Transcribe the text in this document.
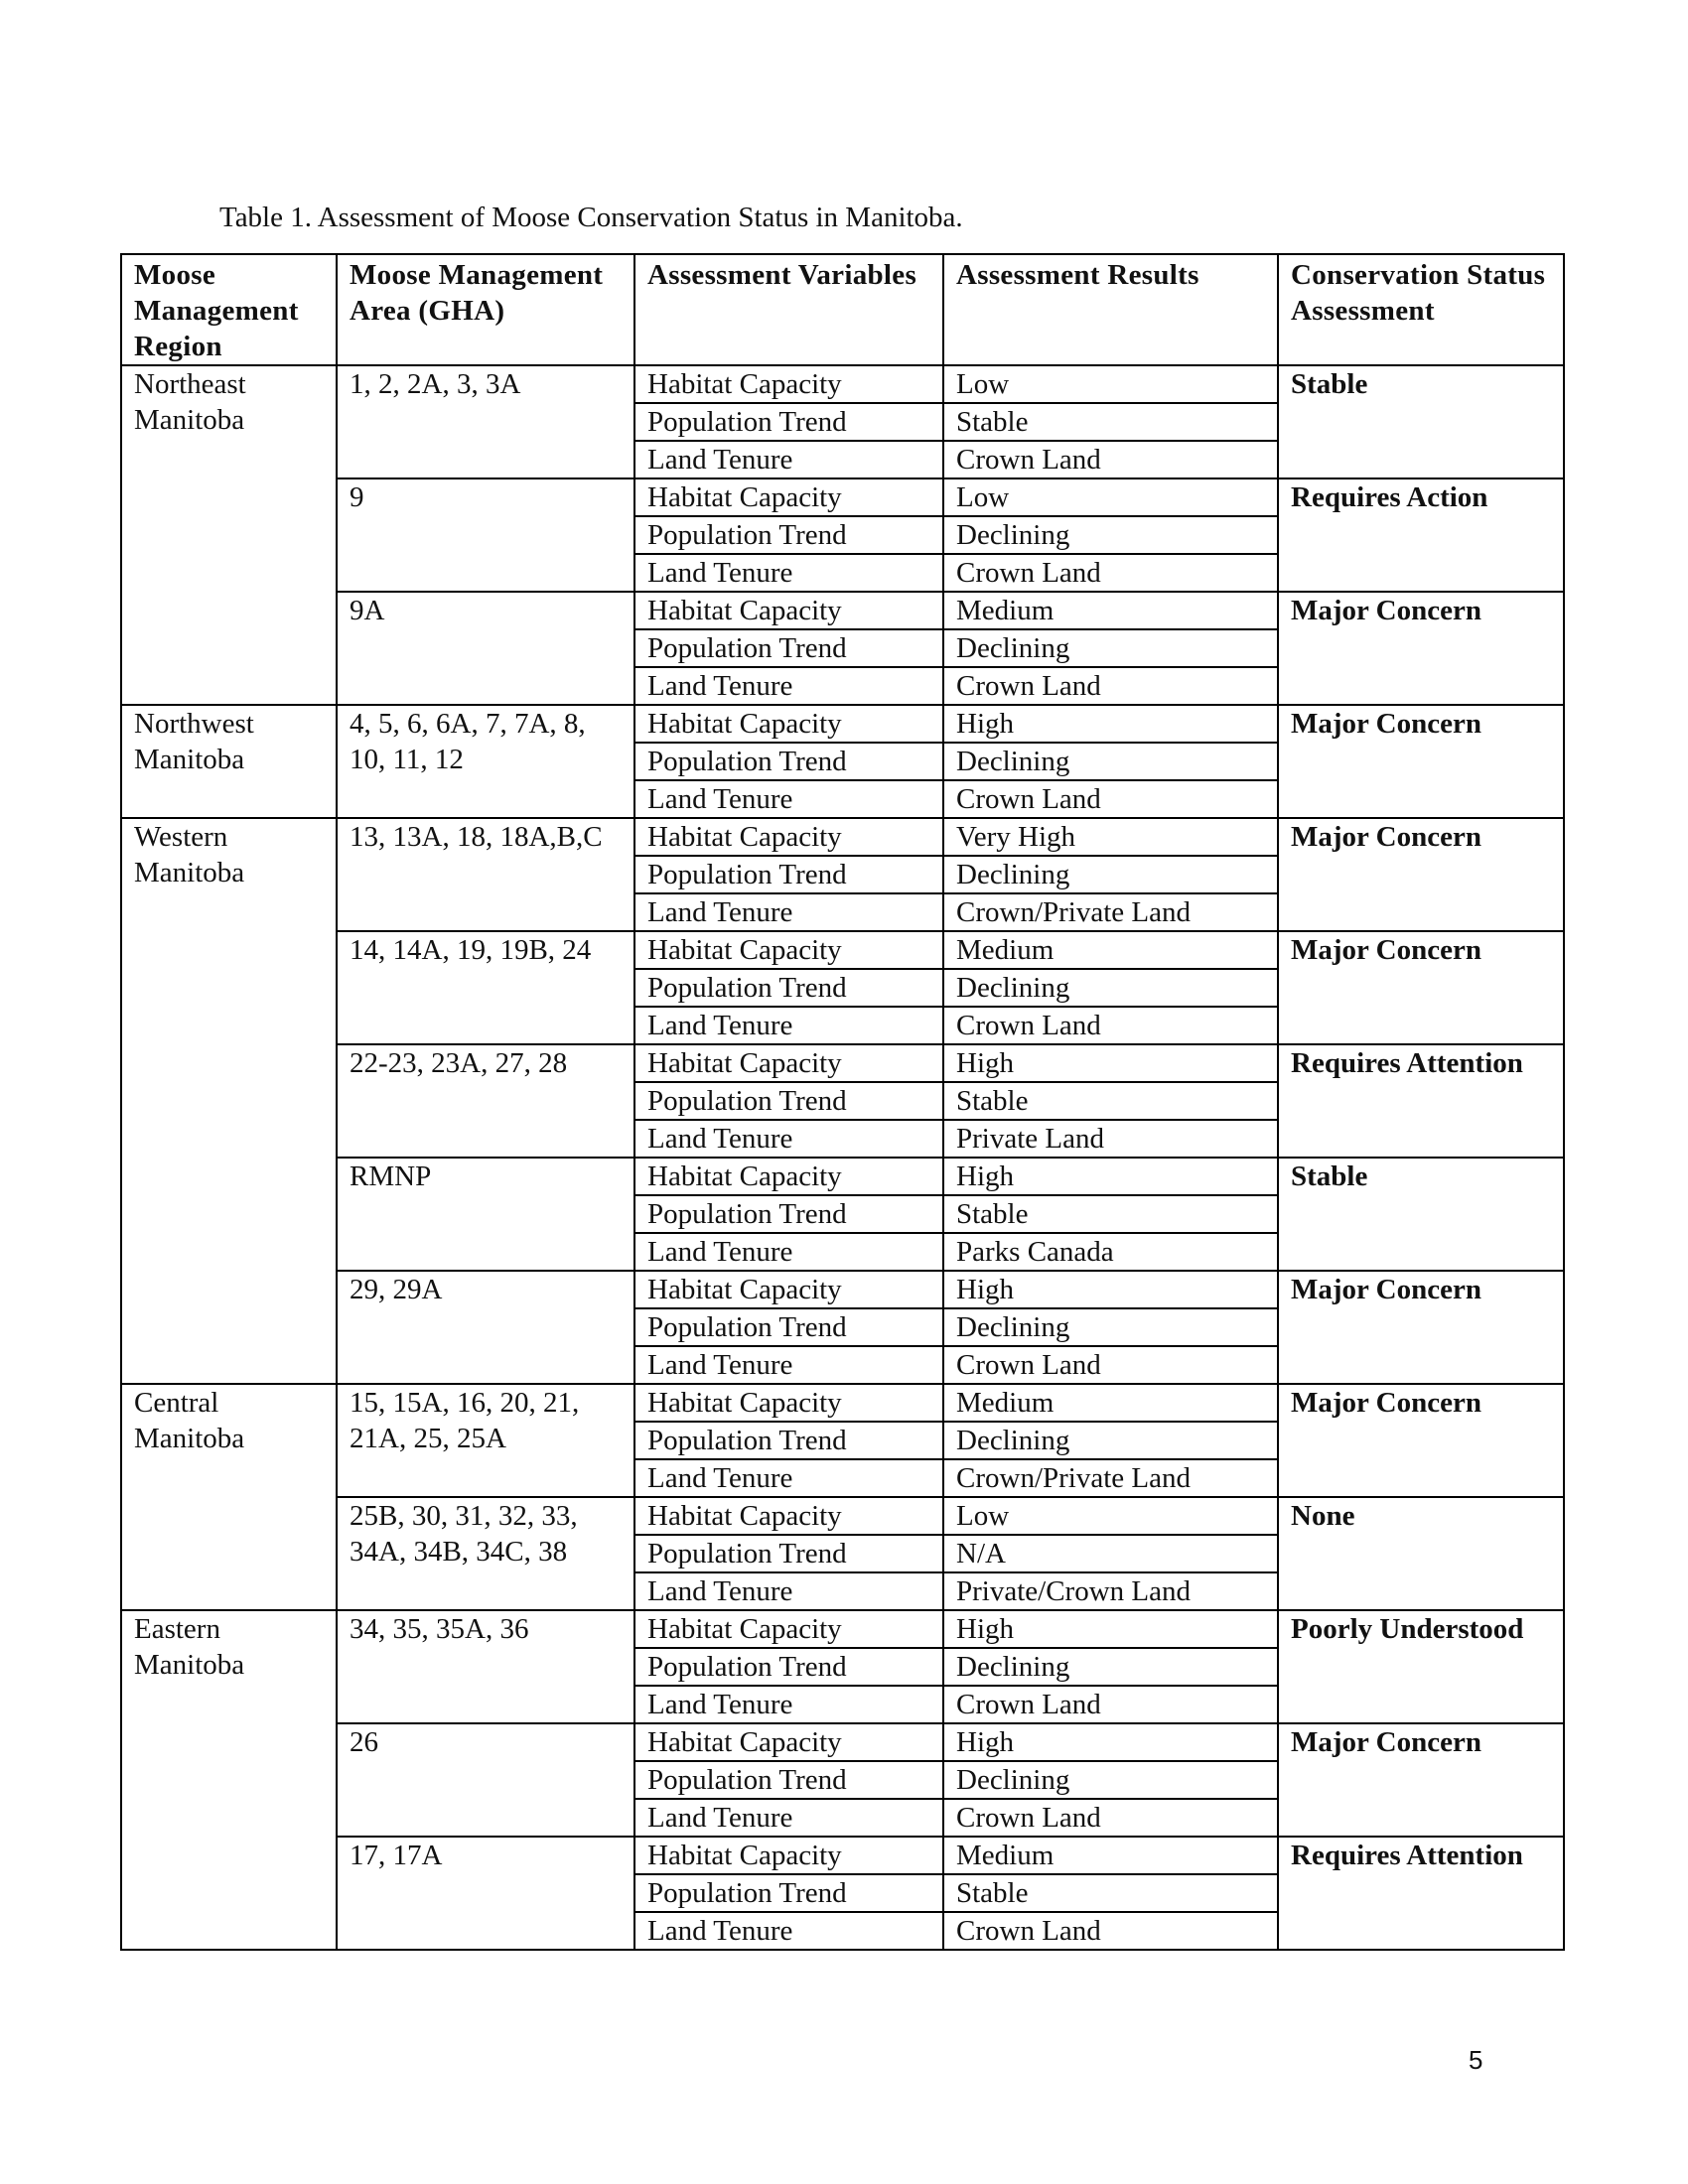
Table 1. Assessment of Moose Conservation Status in Manitoba.
Moose Management Region	Moose Management Area (GHA)	Assessment Variables	Assessment Results	Conservation Status Assessment
Northeast Manitoba	1, 2, 2A, 3, 3A	Habitat Capacity	Low	Stable
		Population Trend	Stable	
		Land Tenure	Crown Land	
	9	Habitat Capacity	Low	Requires Action
		Population Trend	Declining	
		Land Tenure	Crown Land	
	9A	Habitat Capacity	Medium	Major Concern
		Population Trend	Declining	
		Land Tenure	Crown Land	
Northwest Manitoba	4, 5, 6, 6A, 7, 7A, 8, 10, 11, 12	Habitat Capacity	High	Major Concern
		Population Trend	Declining	
		Land Tenure	Crown Land	
Western Manitoba	13, 13A, 18, 18A,B,C	Habitat Capacity	Very High	Major Concern
		Population Trend	Declining	
		Land Tenure	Crown/Private Land	
	14, 14A, 19, 19B, 24	Habitat Capacity	Medium	Major Concern
		Population Trend	Declining	
		Land Tenure	Crown Land	
	22-23, 23A, 27, 28	Habitat Capacity	High	Requires Attention
		Population Trend	Stable	
		Land Tenure	Private Land	
	RMNP	Habitat Capacity	High	Stable
		Population Trend	Stable	
		Land Tenure	Parks Canada	
	29, 29A	Habitat Capacity	High	Major Concern
		Population Trend	Declining	
		Land Tenure	Crown Land	
Central Manitoba	15, 15A, 16, 20, 21, 21A, 25, 25A	Habitat Capacity	Medium	Major Concern
		Population Trend	Declining	
		Land Tenure	Crown/Private Land	
	25B, 30, 31, 32, 33, 34A, 34B, 34C, 38	Habitat Capacity	Low	None
		Population Trend	N/A	
		Land Tenure	Private/Crown Land	
Eastern Manitoba	34, 35, 35A, 36	Habitat Capacity	High	Poorly Understood
		Population Trend	Declining	
		Land Tenure	Crown Land	
	26	Habitat Capacity	High	Major Concern
		Population Trend	Declining	
		Land Tenure	Crown Land	
	17, 17A	Habitat Capacity	Medium	Requires Attention
		Population Trend	Stable	
		Land Tenure	Crown Land	
5
